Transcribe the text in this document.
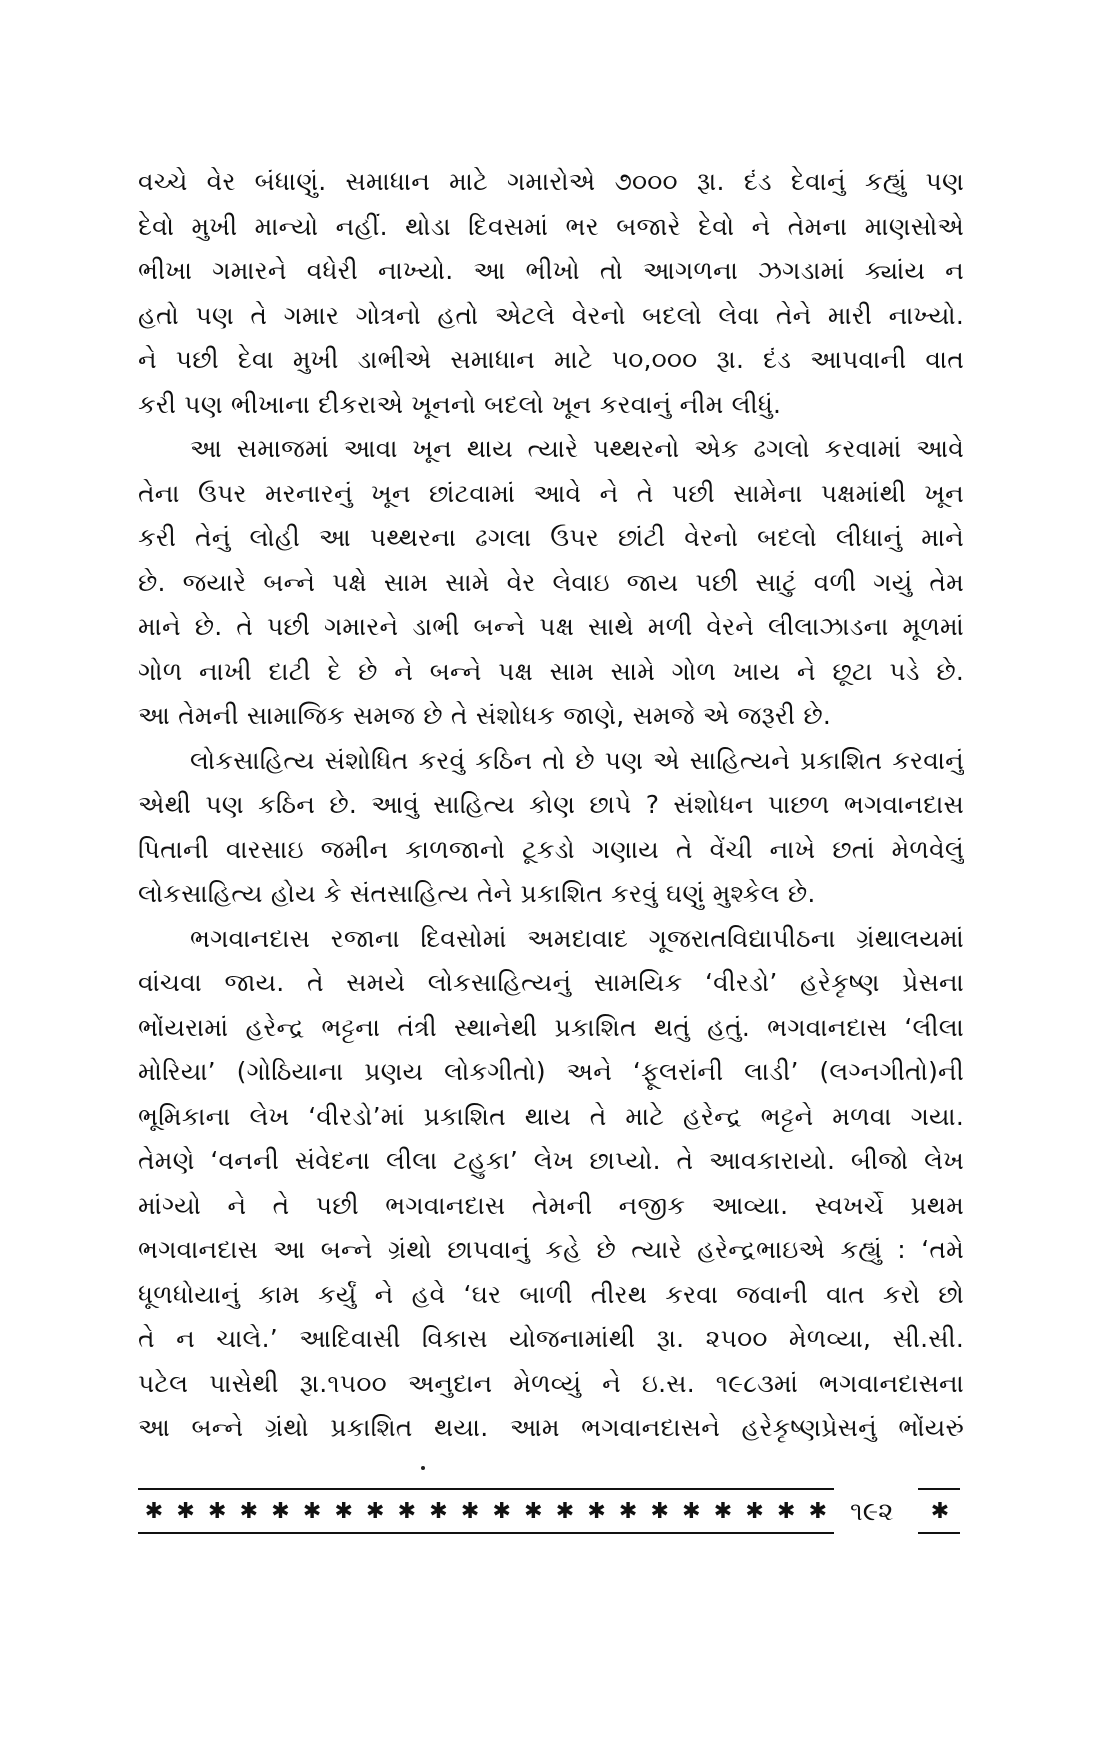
વચ્ચે વેર બંધાણું. સમાધાન માટે ગમારોએ ૭૦૦૦ રૂા. દંડ દેવાનું કહ્યું પણ
દેવો મુખી માન્યો નહીં. થોડા દિવસમાં ભર બજારે દેવો ને તેમના માણસોએ
ભીખા ગમારને વધેરી નાખ્યો. આ ભીખો તો આગળના ઝગડામાં ક્યાંય ન
હતો પણ તે ગમાર ગોત્રનો હતો એટલે વેરનો બદલો લેવા તેને મારી નાખ્યો.
ને પછી દેવા મુખી ડાભીએ સમાધાન માટે ૫૦,૦૦૦ રૂા. દંડ આપવાની વાત
કરી પણ ભીખાના દીકરાએ ખૂનનો બદલો ખૂન કરવાનું નીમ લીધું.
આ સમાજમાં આવા ખૂન થાય ત્યારે પથ્થરનો એક ઢગલો કરવામાં આવે
તેના ઉપર મરનારનું ખૂન છાંટવામાં આવે ને તે પછી સામેના પક્ષમાંથી ખૂન
કરી તેનું લોહી આ પથ્થરના ઢગલા ઉપર છાંટી વેરનો બદલો લીધાનું માને
છે. જયારે બન્ને પક્ષે સામ સામે વેર લેવાઇ જાય પછી સાટું વળી ગયું તેમ
માને છે. તે પછી ગમારને ડાભી બન્ને પક્ષ સાથે મળી વેરને લીલાઝાડના મૂળમાં
ગોળ નાખી દાટી દે છે ને બન્ને પક્ષ સામ સામે ગોળ ખાય ને છૂટા પડે છે.
આ તેમની સામાજિક સમજ છે તે સંશોધક જાણે, સમજે એ જરૂરી છે.
લોકસાહિત્ય સંશોધિત કરવું કઠિન તો છે પણ એ સાહિત્યને પ્રકાશિત કરવાનું
એથી પણ કઠિન છે. આવું સાહિત્ય કોણ છાપે ? સંશોધન પાછળ ભગવાનદાસ
પિતાની વારસાઇ જમીન કાળજાનો ટૂકડો ગણાય તે વેંચી નાખે છતાં મેળવેલું
લોકસાહિત્ય હોય કે સંતસાહિત્ય તેને પ્રકાશિત કરવું ઘણું મુશ્કેલ છે.
ભગવાનદાસ રજાના દિવસોમાં અમદાવાદ ગૂજરાતવિદ્યાપીઠના ગ્રંથાલયમાં
વાંચવા જાય. તે સમયે લોકસાહિત્યનું સામયિક ‘વીરડો’ હરેકૃષ્ણ પ્રેસના
ભોંયરામાં હરેન્દ્ર ભટ્ટના તંત્રી સ્થાનેથી પ્રકાશિત થતું હતું. ભગવાનદાસ ‘લીલા
મોરિયા’ (ગોઠિયાના પ્રણય લોકગીતો) અને ‘ફૂલરાંની લાડી’ (લગ્નગીતો)ની
ભૂમિકાના લેખ ‘વીરડો’માં પ્રકાશિત થાય તે માટે હરેન્દ્ર ભટ્ટને મળવા ગયા.
તેમણે ‘વનની સંવેદના લીલા ટહુકા’ લેખ છાપ્યો. તે આવકારાયો. બીજો લેખ
માંગ્યો ને તે પછી ભગવાનદાસ તેમની નજીક આવ્યા. સ્વખર્ચે પ્રથમ
ભગવાનદાસ આ બન્ને ગ્રંથો છાપવાનું કહે છે ત્યારે હરેન્દ્રભાઇએ કહ્યું : ‘તમે
ધૂળધોયાનું કામ કર્યું ને હવે ‘ઘર બાળી તીરથ કરવા જવાની વાત કરો છો
તે ન ચાલે.’ આદિવાસી વિકાસ યોજનામાંથી રૂા. ૨૫૦૦ મેળવ્યા, સી.સી.
પટેલ પાસેથી રૂા.૧૫૦૦ અનુદાન મેળવ્યું ને ઇ.સ. ૧૯૮૩માં ભગવાનદાસના
આ બન્ને ગ્રંથો પ્રકાશિત થયા. આમ ભગવાનદાસને હરેકૃષ્ણપ્રેસનું ભોંયરું
✱ ✱ ✱ ✱ ✱ ✱ ✱ ✱ ✱ ✱ ✱ ✱ ✱ ✱ ✱ ✱ ✱ ✱ ✱ ✱ ✱ ✱ ૧૯૨ ✱
